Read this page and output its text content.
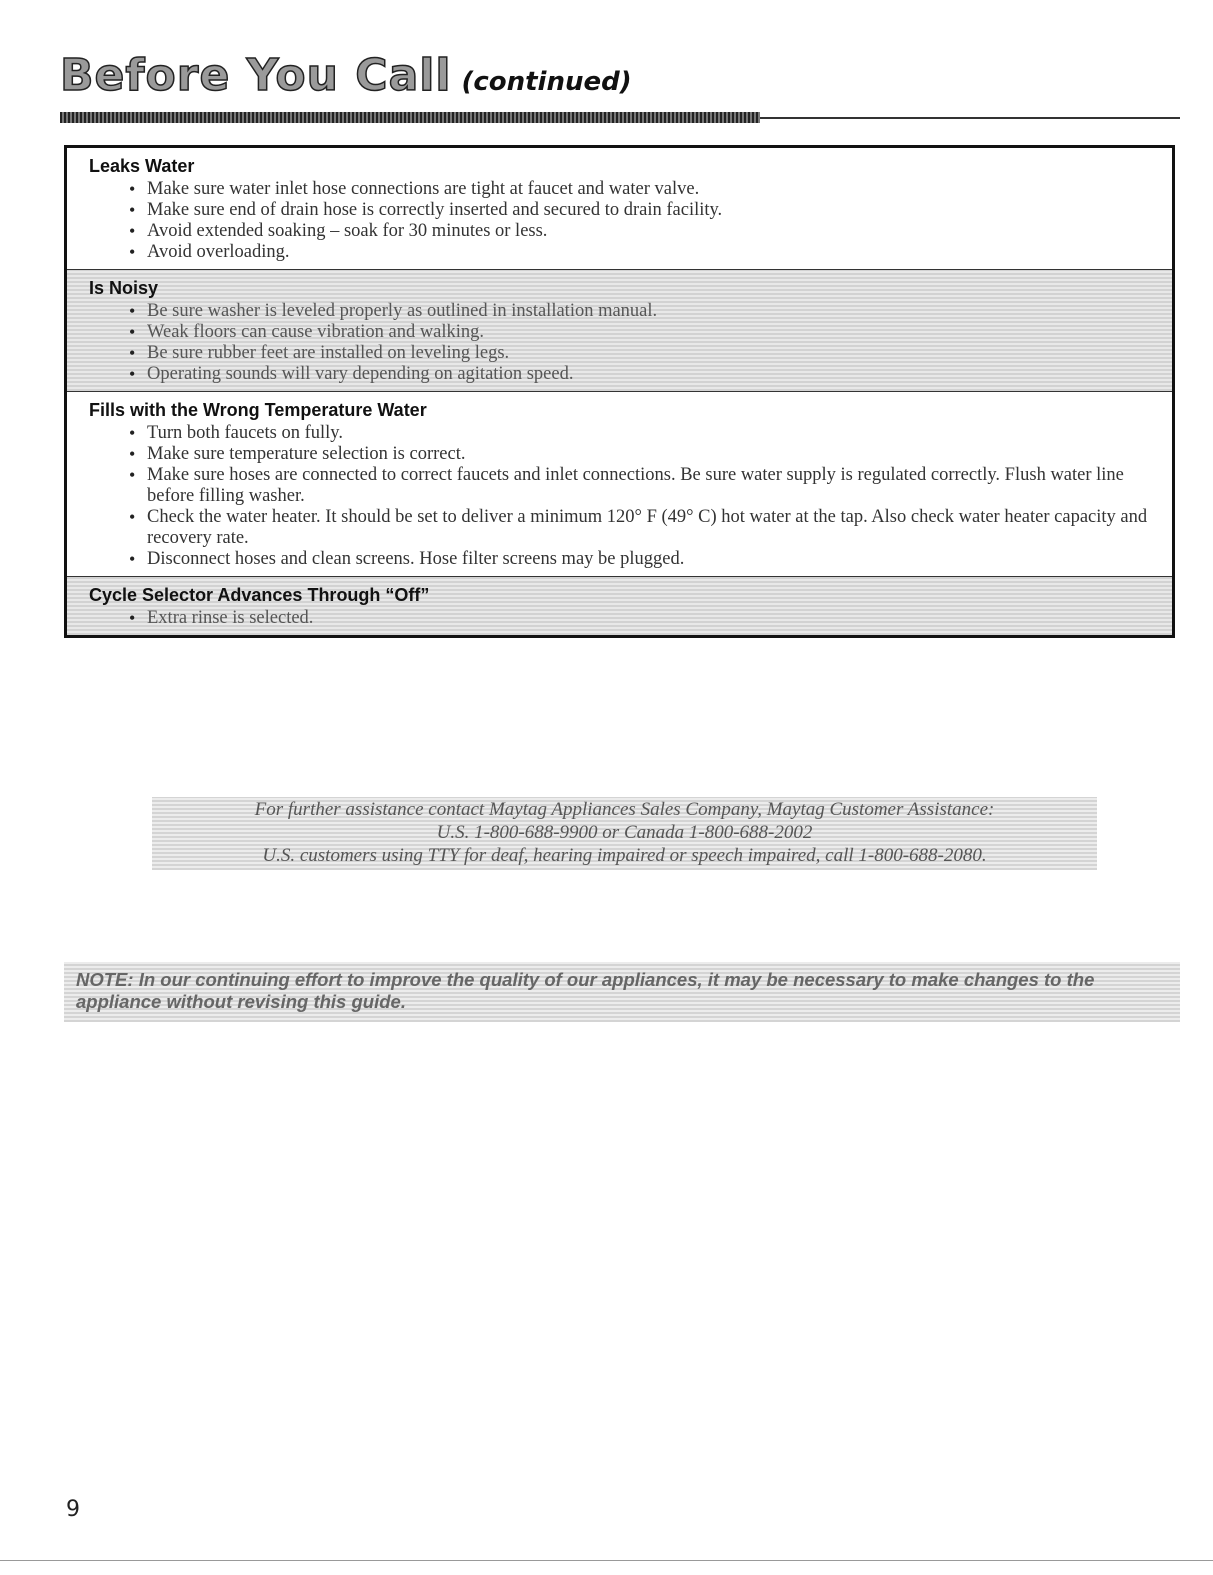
Before You Call (continued)
Leaks Water
• Make sure water inlet hose connections are tight at faucet and water valve.
• Make sure end of drain hose is correctly inserted and secured to drain facility.
• Avoid extended soaking – soak for 30 minutes or less.
• Avoid overloading.
Is Noisy
• Be sure washer is leveled properly as outlined in installation manual.
• Weak floors can cause vibration and walking.
• Be sure rubber feet are installed on leveling legs.
• Operating sounds will vary depending on agitation speed.
Fills with the Wrong Temperature Water
• Turn both faucets on fully.
• Make sure temperature selection is correct.
• Make sure hoses are connected to correct faucets and inlet connections. Be sure water supply is regulated correctly. Flush water line before filling washer.
• Check the water heater. It should be set to deliver a minimum 120° F (49° C) hot water at the tap. Also check water heater capacity and recovery rate.
• Disconnect hoses and clean screens. Hose filter screens may be plugged.
Cycle Selector Advances Through “Off”
• Extra rinse is selected.
For further assistance contact Maytag Appliances Sales Company, Maytag Customer Assistance:
U.S. 1-800-688-9900 or Canada 1-800-688-2002
U.S. customers using TTY for deaf, hearing impaired or speech impaired, call 1-800-688-2080.
NOTE: In our continuing effort to improve the quality of our appliances, it may be necessary to make changes to the appliance without revising this guide.
9
